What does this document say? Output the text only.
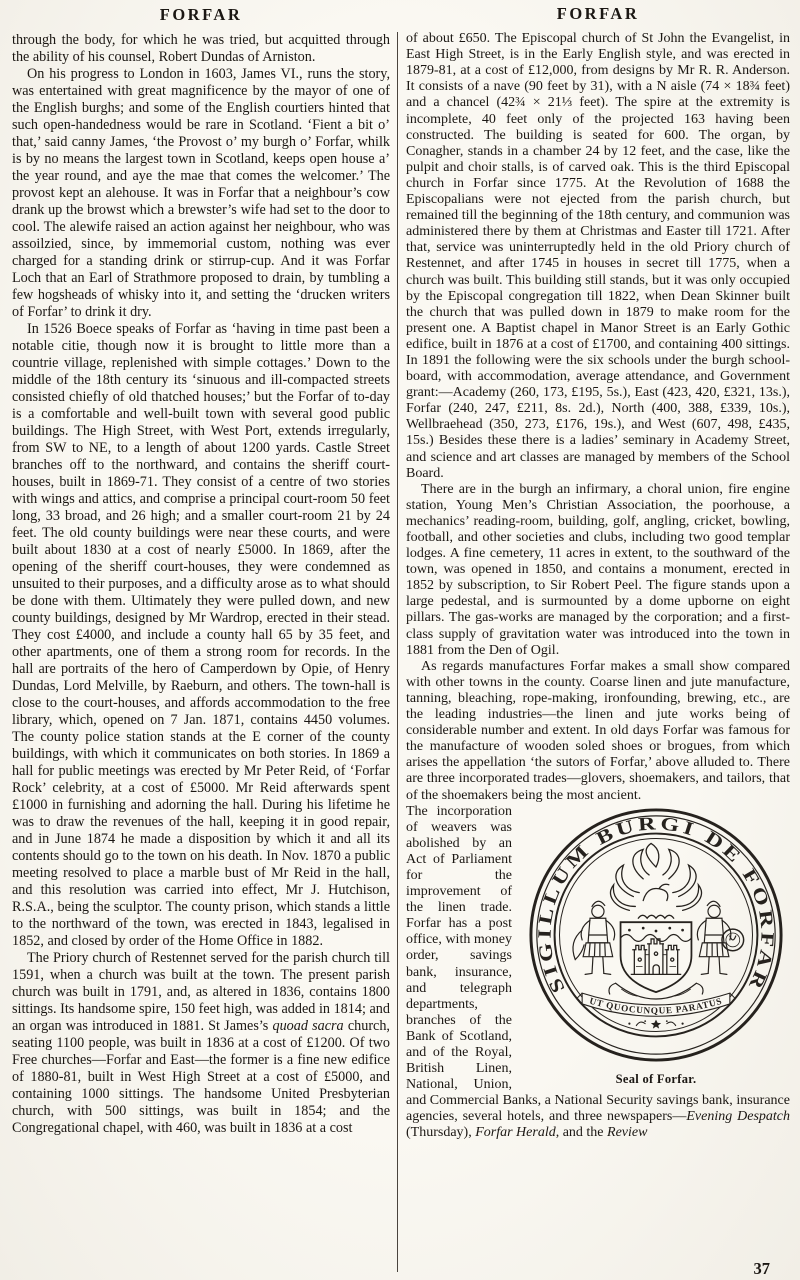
FORFAR

through the body, for which he was tried, but acquitted through the ability of his counsel, Robert Dundas of Arniston.

On his progress to London in 1603, James VI., runs the story, was entertained with great magnificence by the mayor of one of the English burghs; and some of the English courtiers hinted that such open-handedness would be rare in Scotland. ‘Fient a bit o’ that,’ said canny James, ‘the Provost o’ my burgh o’ Forfar, whilk is by no means the largest town in Scotland, keeps open house a’ the year round, and aye the mae that comes the welcomer.’ The provost kept an alehouse. It was in Forfar that a neighbour’s cow drank up the browst which a brewster’s wife had set to the door to cool. The alewife raised an action against her neighbour, who was assoilzied, since, by immemorial custom, nothing was ever charged for a standing drink or stirrup-cup. And it was Forfar Loch that an Earl of Strathmore proposed to drain, by tumbling a few hogsheads of whisky into it, and setting the ‘drucken writers of Forfar’ to drink it dry.

In 1526 Boece speaks of Forfar as ‘having in time past been a notable citie, though now it is brought to little more than a countrie village, replenished with simple cottages.’ Down to the middle of the 18th century its ‘sinuous and ill-compacted streets consisted chiefly of old thatched houses;’ but the Forfar of to-day is a comfortable and well-built town with several good public buildings. The High Street, with West Port, extends irregularly, from SW to NE, to a length of about 1200 yards. Castle Street branches off to the northward, and contains the sheriff court-houses, built in 1869-71. They consist of a centre of two stories with wings and attics, and comprise a principal court-room 50 feet long, 33 broad, and 26 high; and a smaller court-room 21 by 24 feet. The old county buildings were near these courts, and were built about 1830 at a cost of nearly £5000. In 1869, after the opening of the sheriff court-houses, they were condemned as unsuited to their purposes, and a difficulty arose as to what should be done with them. Ultimately they were pulled down, and new county buildings, designed by Mr Wardrop, erected in their stead. They cost £4000, and include a county hall 65 by 35 feet, and other apartments, one of them a strong room for records. In the hall are portraits of the hero of Camperdown by Opie, of Henry Dundas, Lord Melville, by Raeburn, and others. The town-hall is close to the court-houses, and affords accommodation to the free library, which, opened on 7 Jan. 1871, contains 4450 volumes. The county police station stands at the E corner of the county buildings, with which it communicates on both stories. In 1869 a hall for public meetings was erected by Mr Peter Reid, of ‘Forfar Rock’ celebrity, at a cost of £5000. Mr Reid afterwards spent £1000 in furnishing and adorning the hall. During his lifetime he was to draw the revenues of the hall, keeping it in good repair, and in June 1874 he made a disposition by which it and all its contents should go to the town on his death. In Nov. 1870 a public meeting resolved to place a marble bust of Mr Reid in the hall, and this resolution was carried into effect, Mr J. Hutchison, R.S.A., being the sculptor. The county prison, which stands a little to the northward of the town, was erected in 1843, legalised in 1852, and closed by order of the Home Office in 1882.

The Priory church of Restennet served for the parish church till 1591, when a church was built at the town. The present parish church was built in 1791, and, as altered in 1836, contains 1800 sittings. Its handsome spire, 150 feet high, was added in 1814; and an organ was introduced in 1881. St James’s quoad sacra church, seating 1100 people, was built in 1836 at a cost of £1200. Of two Free churches—Forfar and East—the former is a fine new edifice of 1880-81, built in West High Street at a cost of £5000, and containing 1000 sittings. The handsome United Presbyterian church, with 500 sittings, was built in 1854; and the Congregational chapel, with 460, was built in 1836 at a cost

FORFAR

of about £650. The Episcopal church of St John the Evangelist, in East High Street, is in the Early English style, and was erected in 1879-81, at a cost of £12,000, from designs by Mr R. R. Anderson. It consists of a nave (90 feet by 31), with a N aisle (74 × 18¾ feet) and a chancel (42¾ × 21⅓ feet). The spire at the extremity is incomplete, 40 feet only of the projected 163 having been constructed. The building is seated for 600. The organ, by Conagher, stands in a chamber 24 by 12 feet, and the case, like the pulpit and choir stalls, is of carved oak. This is the third Episcopal church in Forfar since 1775. At the Revolution of 1688 the Episcopalians were not ejected from the parish church, but remained till the beginning of the 18th century, and communion was administered there by them at Christmas and Easter till 1721. After that, service was uninterruptedly held in the old Priory church of Restennet, and after 1745 in houses in secret till 1775, when a church was built. This building still stands, but it was only occupied by the Episcopal congregation till 1822, when Dean Skinner built the church that was pulled down in 1879 to make room for the present one. A Baptist chapel in Manor Street is an Early Gothic edifice, built in 1876 at a cost of £1700, and containing 400 sittings. In 1891 the following were the six schools under the burgh school-board, with accommodation, average attendance, and Government grant:—Academy (260, 173, £195, 5s.), East (423, 420, £321, 13s.), Forfar (240, 247, £211, 8s. 2d.), North (400, 388, £339, 10s.), Wellbraehead (350, 273, £176, 19s.), and West (607, 498, £435, 15s.) Besides these there is a ladies’ seminary in Academy Street, and science and art classes are managed by members of the School Board.

There are in the burgh an infirmary, a choral union, fire engine station, Young Men’s Christian Association, the poorhouse, a mechanics’ reading-room, building, golf, angling, cricket, bowling, football, and other societies and clubs, including two good templar lodges. A fine cemetery, 11 acres in extent, to the southward of the town, was opened in 1850, and contains a monument, erected in 1852 by subscription, to Sir Robert Peel. The figure stands upon a large pedestal, and is surmounted by a dome upborne on eight pillars. The gas-works are managed by the corporation; and a first-class supply of gravitation water was introduced into the town in 1881 from the Den of Ogil.

As regards manufactures Forfar makes a small show compared with other towns in the county. Coarse linen and jute manufacture, tanning, bleaching, rope-making, ironfounding, brewing, etc., are the leading industries—the linen and jute works being of considerable number and extent. In old days Forfar was famous for the manufacture of wooden soled shoes or brogues, from which arises the appellation ‘the sutors of Forfar,’ above alluded to. There are three incorporated trades—glovers, shoemakers, and tailors, that of the shoemakers being the most ancient.

SIGILLUM BURGI DE FORFAR
UT QUOCUNQUE PARATUS
Seal of Forfar.
The incorporation of weavers was abolished by an Act of Parliament for the improvement of the linen trade. Forfar has a post office, with money order, savings bank, insurance, and telegraph departments, branches of the Bank of Scotland, and of the Royal, British Linen, National, Union, and Commercial Banks, a National Security savings bank, insurance agencies, several hotels, and three newspapers—Evening Despatch (Thursday), Forfar Herald, and the Review

37
